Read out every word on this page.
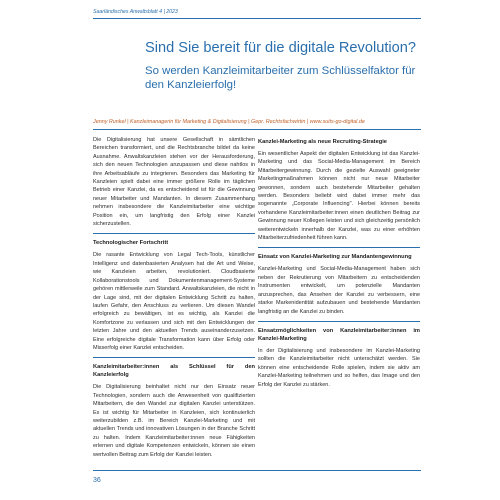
Saarländisches Anwaltsblatt 4 | 2023
Sind Sie bereit für die digitale Revolution?
So werden Kanzleimitarbeiter zum Schlüsselfaktor für den Kanzleierfolg!
Jenny Runkel | Kanzleimanagerin für Marketing & Digitalisierung | Gepr. Rechtsfachwirtin | www.suits-go-digital.de

Die Digitalisierung hat unsere Gesellschaft in sämtlichen Bereichen transformiert, und die Rechtsbranche bildet da keine Ausnahme. Anwaltskanzleien stehen vor der Herausforderung, sich den neuen Technologien anzupassen und diese nahtlos in ihre Arbeitsabläufe zu integrieren. Besonders das Marketing für Kanzleien spielt dabei eine immer größere Rolle im täglichen Betrieb einer Kanzlei, da es entscheidend ist für die Gewinnung neuer Mitarbeiter und Mandanten. In diesem Zusammenhang nehmen insbesondere die Kanzleimitarbeiter eine wichtige Position ein, um langfristig den Erfolg einer Kanzlei sicherzustellen.

Technologischer Fortschritt

Die rasante Entwicklung von Legal Tech-Tools, künstlicher Intelligenz und datenbasierten Analysen hat die Art und Weise, wie Kanzleien arbeiten, revolutioniert. Cloudbasierte Kollaborationstools und Dokumentenmanagement-Systeme gehören mittlerweile zum Standard. Anwaltskanzleien, die nicht in der Lage sind, mit der digitalen Entwicklung Schritt zu halten, laufen Gefahr, den Anschluss zu verlieren. Um diesen Wandel erfolgreich zu bewältigen, ist es wichtig, als Kanzlei die Komfortzone zu verlassen und sich mit den Entwicklungen der letzten Jahre und den aktuellen Trends auseinanderzusetzen. Eine erfolgreiche digitale Transformation kann über Erfolg oder Misserfolg einer Kanzlei entscheiden.

Kanzleimitarbeiter:innen als Schlüssel für den Kanzleierfolg

Die Digitalisierung beinhaltet nicht nur den Einsatz neuer Technologien, sondern auch die Anwesenheit von qualifizierten Mitarbeitern, die den Wandel zur digitalen Kanzlei unterstützen. Es ist wichtig für Mitarbeiter in Kanzleien, sich kontinuierlich weiterzubilden z.B. im Bereich Kanzlei-Marketing und mit aktuellen Trends und innovativen Lösungen in der Branche Schritt zu halten. Indem Kanzleimitarbeiter:innen neue Fähigkeiten erlernen und digitale Kompetenzen entwickeln, können sie einen wertvollen Beitrag zum Erfolg der Kanzlei leisten.

Kanzlei-Marketing als neue Recruiting-Strategie

Ein wesentlicher Aspekt der digitalen Entwicklung ist das Kanzlei-Marketing und das Social-Media-Management im Bereich Mitarbeitergewinnung. Durch die gezielte Auswahl geeigneter Marketingmaßnahmen können nicht nur neue Mitarbeiter gewonnen, sondern auch bestehende Mitarbeiter gehalten werden. Besonders beliebt wird dabei immer mehr das sogenannte „Corporate Influencing". Hierbei können bereits vorhandene Kanzleimitarbeiter:innen einen deutlichen Beitrag zur Gewinnung neuer Kollegen leisten und sich gleichzeitig persönlich weiterentwickeln innerhalb der Kanzlei, was zu einer erhöhten Mitarbeiterzufriedenheit führen kann.

Einsatz von Kanzlei-Marketing zur Mandantengewinnung

Kanzlei-Marketing und Social-Media-Management haben sich neben der Rekrutierung von Mitarbeitern zu entscheidenden Instrumenten entwickelt, um potenzielle Mandanten anzusprechen, das Ansehen der Kanzlei zu verbessern, eine starke Markenidentität aufzubauen und bestehende Mandanten langfristig an die Kanzlei zu binden.

Einsatzmöglichkeiten von Kanzleimitarbeiter:innen im Kanzlei-Marketing

In der Digitalisierung und insbesondere im Kanzlei-Marketing sollten die Kanzleimitarbeiter nicht unterschätzt werden. Sie können eine entscheidende Rolle spielen, indem sie aktiv am Kanzlei-Marketing teilnehmen und so helfen, das Image und den Erfolg der Kanzlei zu stärken.

36
